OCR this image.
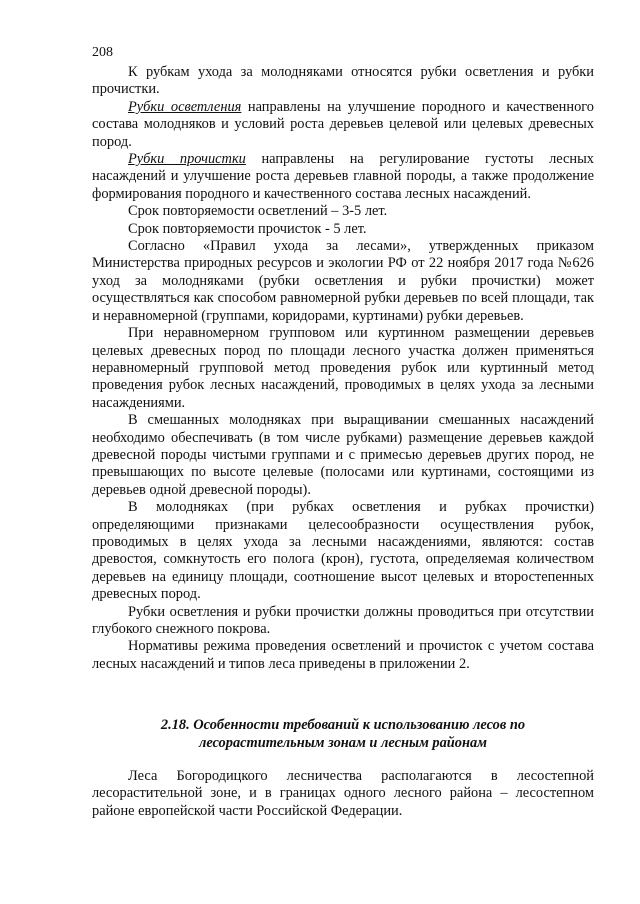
208

К рубкам ухода за молодняками относятся рубки осветления и рубки прочистки.

Рубки осветления направлены на улучшение породного и качественного состава молодняков и условий роста деревьев целевой или целевых древесных пород.

Рубки прочистки направлены на регулирование густоты лесных насаждений и улучшение роста деревьев главной породы, а также продолжение формирования породного и качественного состава лесных насаждений.

Срок повторяемости осветлений – 3-5 лет.

Срок повторяемости прочисток - 5 лет.

Согласно «Правил ухода за лесами», утвержденных приказом Министерства природных ресурсов и экологии РФ от 22 ноября 2017 года №626 уход за молодняками (рубки осветления и рубки прочистки) может осуществляться как способом равномерной рубки деревьев по всей площади, так и неравномерной (группами, коридорами, куртинами) рубки деревьев.

При неравномерном групповом или куртинном размещении деревьев целевых древесных пород по площади лесного участка должен применяться неравномерный групповой метод проведения рубок или куртинный метод проведения рубок лесных насаждений, проводимых в целях ухода за лесными насаждениями.

В смешанных молодняках при выращивании смешанных насаждений необходимо обеспечивать (в том числе рубками) размещение деревьев каждой древесной породы чистыми группами и с примесью деревьев других пород, не превышающих по высоте целевые (полосами или куртинами, состоящими из деревьев одной древесной породы).

В молодняках (при рубках осветления и рубках прочистки) определяющими признаками целесообразности осуществления рубок, проводимых в целях ухода за лесными насаждениями, являются: состав древостоя, сомкнутость его полога (крон), густота, определяемая количеством деревьев на единицу площади, соотношение высот целевых и второстепенных древесных пород.

Рубки осветления и рубки прочистки должны проводиться при отсутствии глубокого снежного покрова.

Нормативы режима проведения осветлений и прочисток с учетом состава лесных насаждений и типов леса приведены в приложении 2.

2.18. Особенности требований к использованию лесов по

лесорастительным зонам и лесным районам

Леса Богородицкого лесничества располагаются в лесостепной лесорастительной зоне, и в границах одного лесного района – лесостепном районе европейской части Российской Федерации.
